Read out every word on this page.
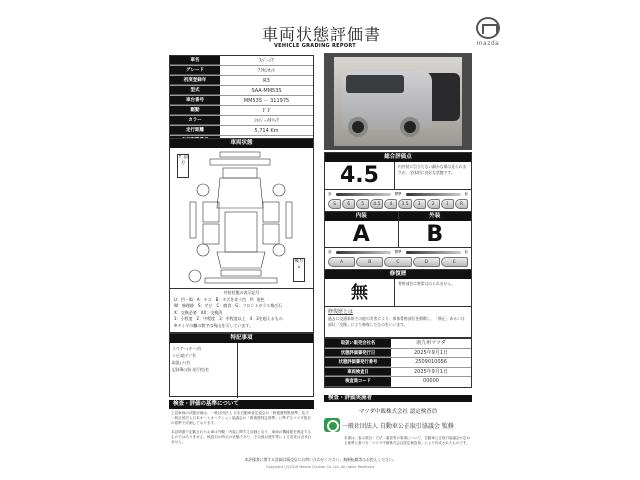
車両状態評価書
VEHICLE GRADING REPORT	mazda
車名	ｽﾍﾟｰｼｱ
グレード	ｱｸｾｼｵｯﾄ
初度登録年	R3
型式	SAA-MM53S
車台番号	MM53S － 311975
駆動	ＦＦ
カラー	ｼﾙﾊﾞｰﾒﾀﾘｯｸ
走行距離	5,714 Km
車両状態
↑ 前方
後方 ↓
外装状態の表示記号
U：凹・傷　A：キズ　B：キズを伴う凹　P：塗色
W：修理跡　S：サビ　C：腐食　G：フロントガラス飛び石
X：交換必要　XX：交換済
1：小程度　2：中程度　3：中程度以上　4：3を超えるもの
※タイヤの欄の数字は残山を示しています。
特記事項
スペアー(キー)有
ナビ/地デジ有
取説(ナ)有
記録簿(1冊 発行控)有
検査・評価の基準について
上記車両の状態評価は、一般社団法人 日本自動車査定協会の「修復歴判断基準」及び一般社団法人日本オートオークション協議会の「修復歴判定基準」に準ずるマツダ独自の基準で評価しております。
本証明書で記載されたお車は外観・内装に関する評価となり、車両の機能面を保証するものではありません。検査日の時点の状態であり、その後の経年等による変化は含まれません。
総合評価点
4.5	内外装に目立たない細かな傷は見られますが、全体的に良好な状態です。
高	標準	低
S	6	5	4.5	4	3.5	3	2	1	R
内装
A
外装
B
高	標準	低
A	B	C	D	E
修復歴
無	骨格部位に異常はみられません。
修復歴とは
過去に交通事故その他の災害により、車体骨格部位を損傷し、「修正」あるいは部位「交換」により修復したものをいいます。
取扱い販売会社名	南九州マツダ
状態評価書発行日	2025年9月1日
状態評価書発行番号	2509010056
車両検査日	2025年9月1日
検査員コード	00000
検査・評価実施者
マツダ中販株式会社 認定検査員
一般社団法人 自動車公正取引協議会 監修
本書は、表示項目・方法・審査等の事項について、自動車公正取引協議会が定める基準に基づき「マツダ中販株式会社認定検査員」により作成されたものです。
本評価書に関する詳細は販売店にお問い合わせください。無断転載等はお控えください。
Copyright (C)2016 Mazda Chuhan Co. Ltd. All rights Reserved.
